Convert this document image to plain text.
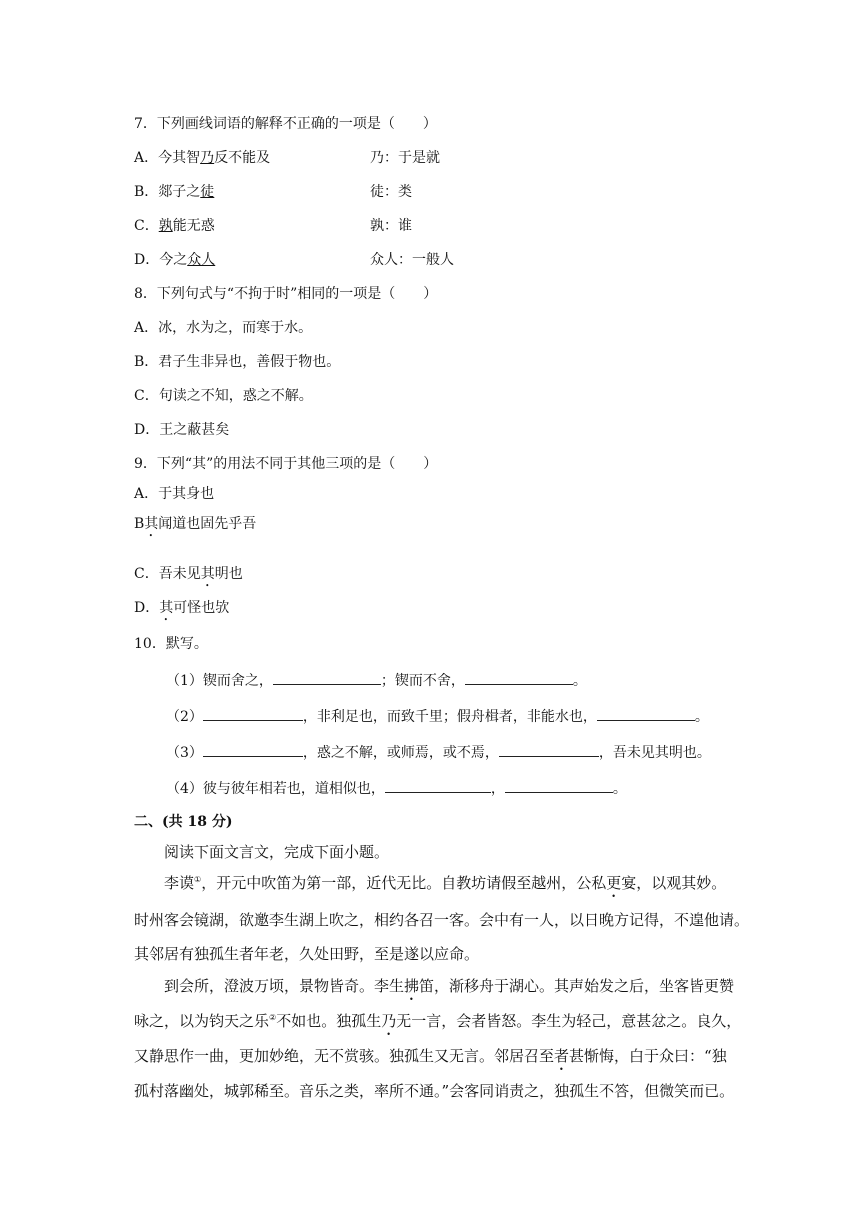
7．下列画线词语的解释不正确的一项是（　　）
A．今其智乃反不能及	乃：于是就
B．郯子之徒	徒：类
C．孰能无惑	孰：谁
D．今之众人	众人：一般人
8．下列句式与“不拘于时”相同的一项是（　　）
A．冰，水为之，而寒于水。
B．君子生非异也，善假于物也。
C．句读之不知，惑之不解。
D．王之蔽甚矣
9．下列“其”的用法不同于其他三项的是（　　）
A．于其身也
B其闻道也固先乎吾
C．吾未见其明也
D．其可怪也欤
10．默写。
（1）锲而舍之，	；锲而不舍，	。
（2）	，非利足也，而致千里；假舟楫者，非能水也，	。
（3）	，惑之不解，或师焉，或不焉，	，吾未见其明也。
（4）彼与彼年相若也，道相似也，	，	。
二、(共 18 分)
阅读下面文言文，完成下面小题。
李谟①，开元中吹笛为第一部，近代无比。自教坊请假至越州，公私更宴，以观其妙。
时州客会镜湖，欲邀李生湖上吹之，相约各召一客。会中有一人，以日晚方记得，不遑他请。
其邻居有独孤生者年老，久处田野，至是遂以应命。
到会所，澄波万顷，景物皆奇。李生拂笛，渐移舟于湖心。其声始发之后，坐客皆更赞
咏之，以为钧天之乐②不如也。独孤生乃无一言，会者皆怒。李生为轻己，意甚忿之。良久，
又静思作一曲，更加妙绝，无不赏骇。独孤生又无言。邻居召至者甚惭悔，白于众曰：“独
孤村落幽处，城郭稀至。音乐之类，率所不通。”会客同诮责之，独孤生不答，但微笑而已。
